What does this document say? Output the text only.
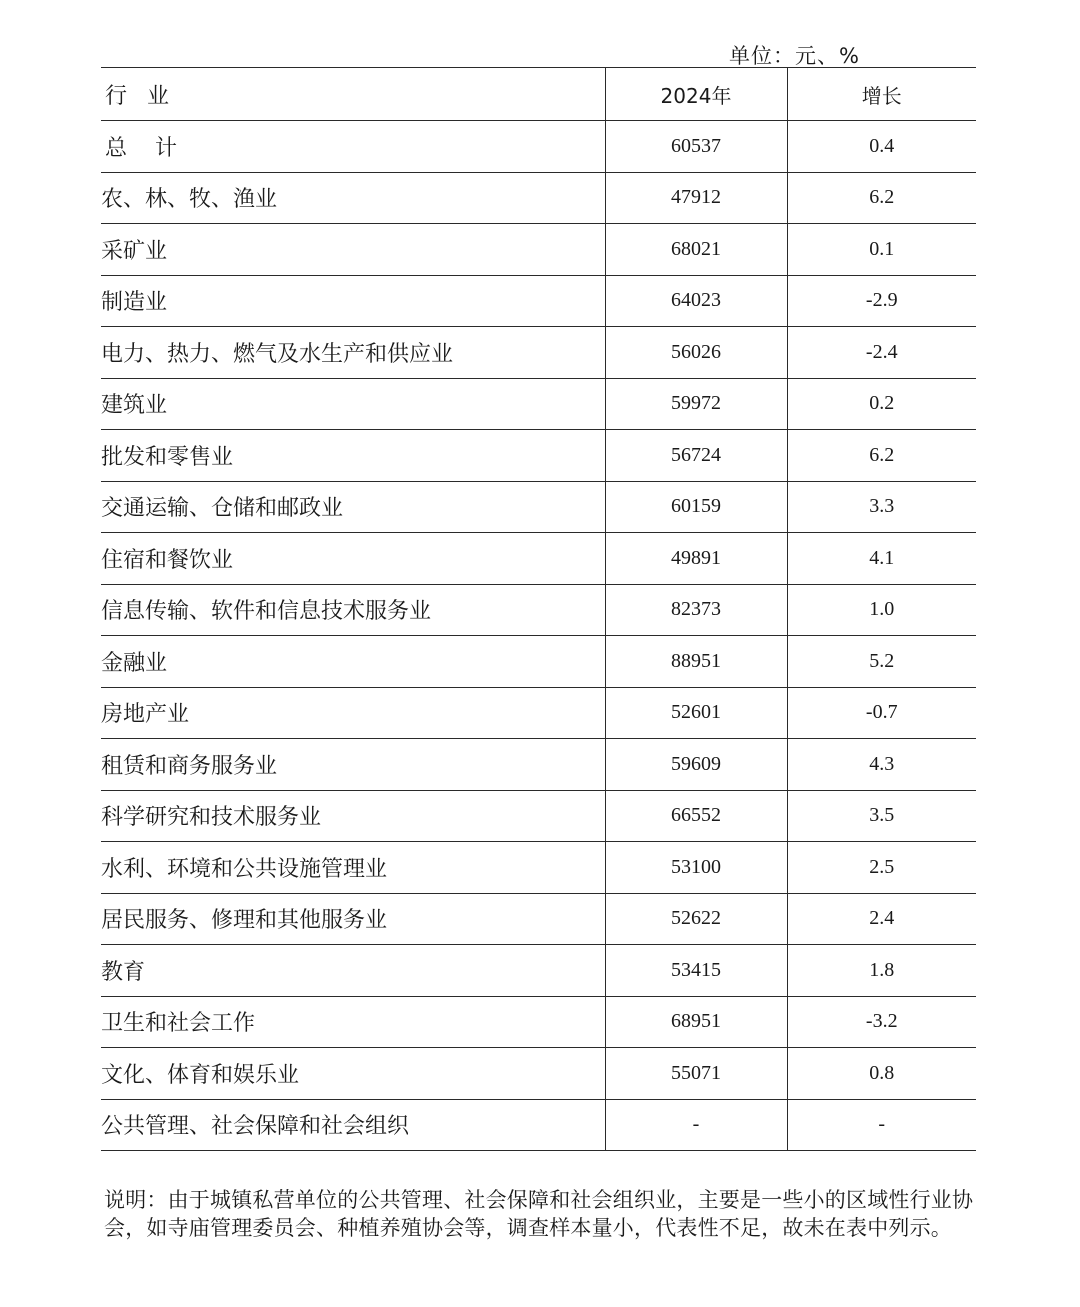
单位：元、%
行业	2024年	增长
总计	60537	0.4
农、林、牧、渔业	47912	6.2
采矿业	68021	0.1
制造业	64023	-2.9
电力、热力、燃气及水生产和供应业	56026	-2.4
建筑业	59972	0.2
批发和零售业	56724	6.2
交通运输、仓储和邮政业	60159	3.3
住宿和餐饮业	49891	4.1
信息传输、软件和信息技术服务业	82373	1.0
金融业	88951	5.2
房地产业	52601	-0.7
租赁和商务服务业	59609	4.3
科学研究和技术服务业	66552	3.5
水利、环境和公共设施管理业	53100	2.5
居民服务、修理和其他服务业	52622	2.4
教育	53415	1.8
卫生和社会工作	68951	-3.2
文化、体育和娱乐业	55071	0.8
公共管理、社会保障和社会组织	-	-
说明：由于城镇私营单位的公共管理、社会保障和社会组织业，主要是一些小的区域性行业协会，如寺庙管理委员会、种植养殖协会等，调查样本量小，代表性不足，故未在表中列示。
